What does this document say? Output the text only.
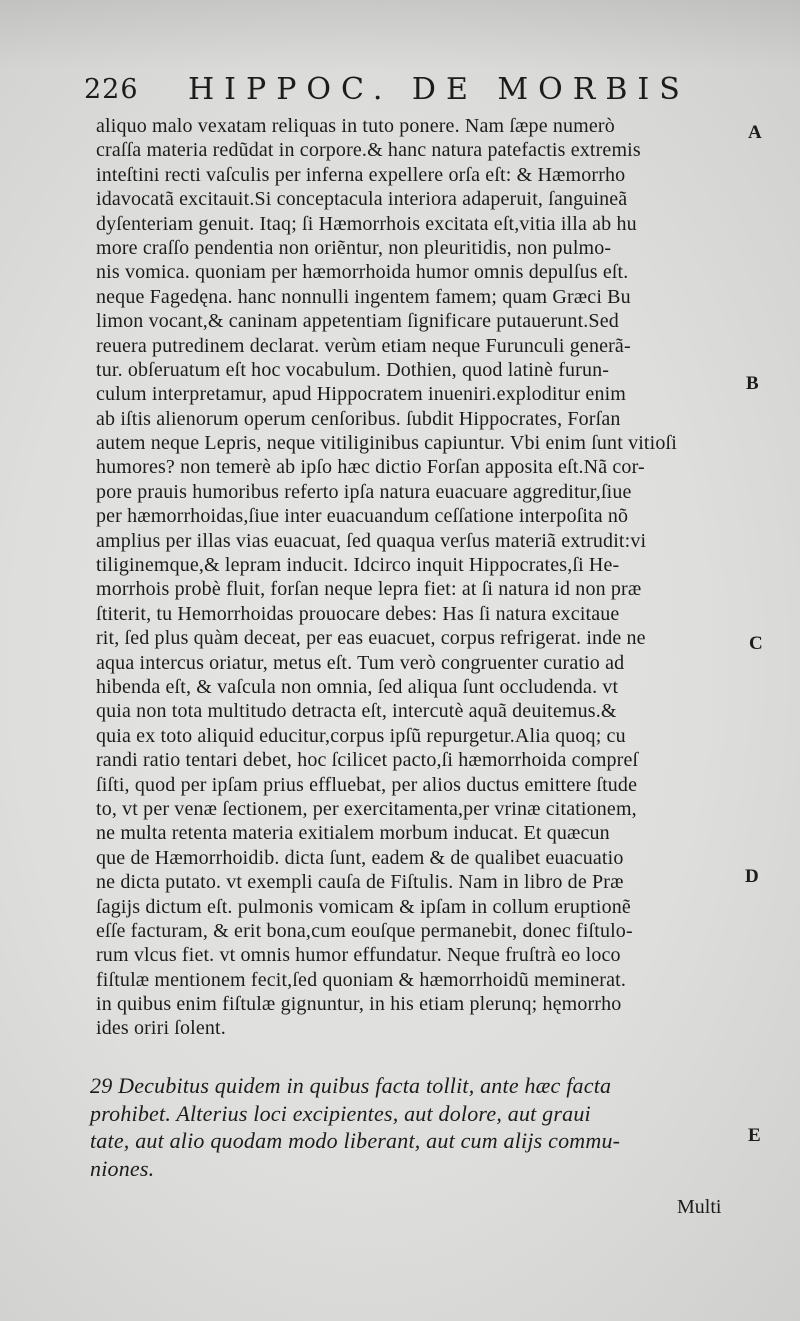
226 HIPPOC. DE MORBIS
aliquo malo vexatam reliquas in tuto ponere. Nam ſæpe numerò
craſſa materia redũdat in corpore.& hanc natura patefactis extremis
inteſtini recti vaſculis per inferna expellere orſa eſt: & Hæmorrho
idavocatã excitauit.Si conceptacula interiora adaperuit, ſanguineã
dyſenteriam genuit. Itaq; ſi Hæmorrhois excitata eſt,vitia illa ab hu
more craſſo pendentia non oriẽntur, non pleuritidis, non pulmo-
nis vomica. quoniam per hæmorrhoida humor omnis depulſus eſt.
neque Fagedęna. hanc nonnulli ingentem famem; quam Græci Bu
limon vocant,& caninam appetentiam ſignificare putauerunt.Sed
reuera putredinem declarat. verùm etiam neque Furunculi generã-
tur. obſeruatum eſt hoc vocabulum. Dothien, quod latinè furun-
culum interpretamur, apud Hippocratem inueniri.exploditur enim
ab iſtis alienorum operum cenſoribus. ſubdit Hippocrates, Forſan
autem neque Lepris, neque vitiliginibus capiuntur. Vbi enim ſunt vitioſi
humores? non temerè ab ipſo hæc dictio Forſan apposita eſt.Nã cor-
pore prauis humoribus referto ipſa natura euacuare aggreditur,ſiue
per hæmorrhoidas,ſiue inter euacuandum ceſſatione interpoſita nõ
amplius per illas vias euacuat, ſed quaqua verſus materiã extrudit:vi
tiliginemque,& lepram inducit. Idcirco inquit Hippocrates,ſi He-
morrhois probè fluit, forſan neque lepra fiet: at ſi natura id non præ
ſtiterit, tu Hemorrhoidas prouocare debes: Has ſi natura excitaue
rit, ſed plus quàm deceat, per eas euacuet, corpus refrigerat. inde ne
aqua intercus oriatur, metus eſt. Tum verò congruenter curatio ad
hibenda eſt, & vaſcula non omnia, ſed aliqua ſunt occludenda. vt
quia non tota multitudo detracta eſt, intercutè aquã deuitemus.&
quia ex toto aliquid educitur,corpus ipſũ repurgetur.Alia quoq; cu
randi ratio tentari debet, hoc ſcilicet pacto,ſi hæmorrhoida compreſ
ſiſti, quod per ipſam prius effluebat, per alios ductus emittere ſtude
to, vt per venæ ſectionem, per exercitamenta,per vrinæ citationem,
ne multa retenta materia exitialem morbum inducat. Et quæcun
que de Hæmorrhoidib. dicta ſunt, eadem & de qualibet euacuatio
ne dicta putato. vt exempli cauſa de Fiſtulis. Nam in libro de Præ
ſagijs dictum eſt. pulmonis vomicam & ipſam in collum eruptionẽ
eſſe facturam, & erit bona,cum eouſque permanebit, donec fiſtulo-
rum vlcus fiet. vt omnis humor effundatur. Neque fruſtrà eo loco
fiſtulæ mentionem fecit,ſed quoniam & hæmorrhoidũ meminerat.
in quibus enim fiſtulæ gignuntur, in his etiam plerunq; hęmorrho
ides oriri ſolent.
29 Decubitus quidem in quibus facta tollit, ante hæc facta
prohibet. Alterius loci excipientes, aut dolore, aut graui
tate, aut alio quodam modo liberant, aut cum alijs commu-
niones.
A
B
C
D
E
Multi
